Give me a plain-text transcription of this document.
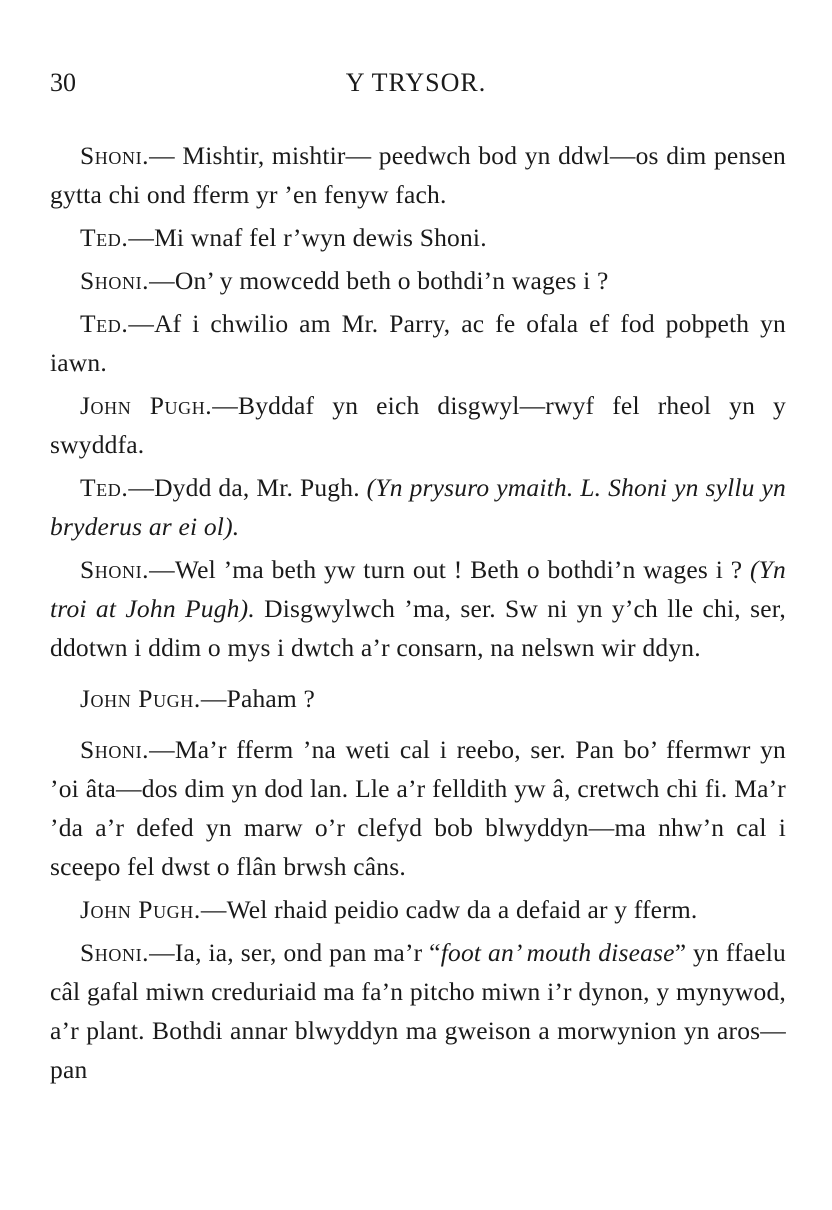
30	Y TRYSOR.

Shoni.— Mishtir, mishtir— peedwch bod yn ddwl—os dim pensen gytta chi ond fferm yr ’en fenyw fach.

Ted.—Mi wnaf fel r’wyn dewis Shoni.

Shoni.—On’ y mowcedd beth o bothdi’n wages i ?

Ted.—Af i chwilio am Mr. Parry, ac fe ofala ef fod pobpeth yn iawn.

John Pugh.—Byddaf yn eich disgwyl—rwyf fel rheol yn y swyddfa.

Ted.—Dydd da, Mr. Pugh. (Yn prysuro ymaith. L. Shoni yn syllu yn bryderus ar ei ol).

Shoni.—Wel ’ma beth yw turn out ! Beth o bothdi’n wages i ? (Yn troi at John Pugh). Disgwylwch ’ma, ser. Sw ni yn y’ch lle chi, ser, ddotwn i ddim o mys i dwtch a’r consarn, na nelswn wir ddyn.

John Pugh.—Paham ?

Shoni.—Ma’r fferm ’na weti cal i reebo, ser. Pan bo’ ffermwr yn ’oi âta—dos dim yn dod lan. Lle a’r felldith yw â, cretwch chi fi. Ma’r ’da a’r defed yn marw o’r clefyd bob blwyddyn—ma nhw’n cal i sceepo fel dwst o flân brwsh câns.

John Pugh.—Wel rhaid peidio cadw da a defaid ar y fferm.

Shoni.—Ia, ia, ser, ond pan ma’r “foot an’ mouth disease” yn ffaelu câl gafal miwn creduriaid ma fa’n pitcho miwn i’r dynon, y mynywod, a’r plant. Bothdi annar blwyddyn ma gweison a morwynion yn aros—pan
